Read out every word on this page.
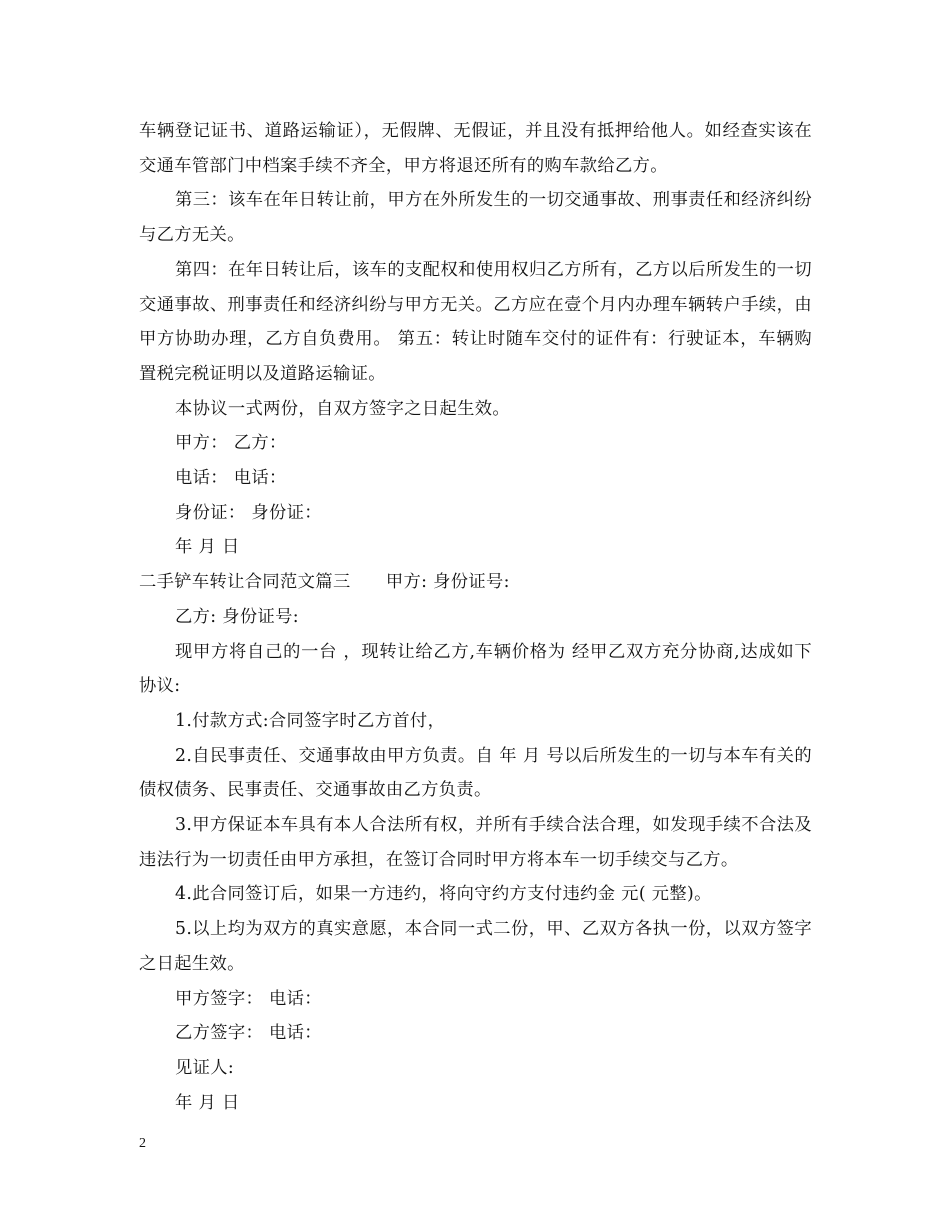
车辆登记证书、道路运输证），无假牌、无假证，并且没有抵押给他人。如经查实该在交通车管部门中档案手续不齐全，甲方将退还所有的购车款给乙方。

第三：该车在年日转让前，甲方在外所发生的一切交通事故、刑事责任和经济纠纷与乙方无关。

第四：在年日转让后，该车的支配权和使用权归乙方所有，乙方以后所发生的一切交通事故、刑事责任和经济纠纷与甲方无关。乙方应在壹个月内办理车辆转户手续，由甲方协助办理，乙方自负费用。 第五：转让时随车交付的证件有：行驶证本，车辆购置税完税证明以及道路运输证。

本协议一式两份，自双方签字之日起生效。

甲方： 乙方：

电话： 电话：

身份证： 身份证：

年 月 日

二手铲车转让合同范文篇三　　甲方: 身份证号:

乙方: 身份证号:

现甲方将自己的一台 ，现转让给乙方,车辆价格为 经甲乙双方充分协商,达成如下协议:

1.付款方式:合同签字时乙方首付，

2.自民事责任、交通事故由甲方负责。自 年 月 号以后所发生的一切与本车有关的债权债务、民事责任、交通事故由乙方负责。

3.甲方保证本车具有本人合法所有权，并所有手续合法合理，如发现手续不合法及违法行为一切责任由甲方承担，在签订合同时甲方将本车一切手续交与乙方。

4.此合同签订后，如果一方违约，将向守约方支付违约金 元( 元整)。

5.以上均为双方的真实意愿，本合同一式二份，甲、乙双方各执一份，以双方签字之日起生效。

甲方签字： 电话：

乙方签字： 电话：

见证人:

年 月 日

2
